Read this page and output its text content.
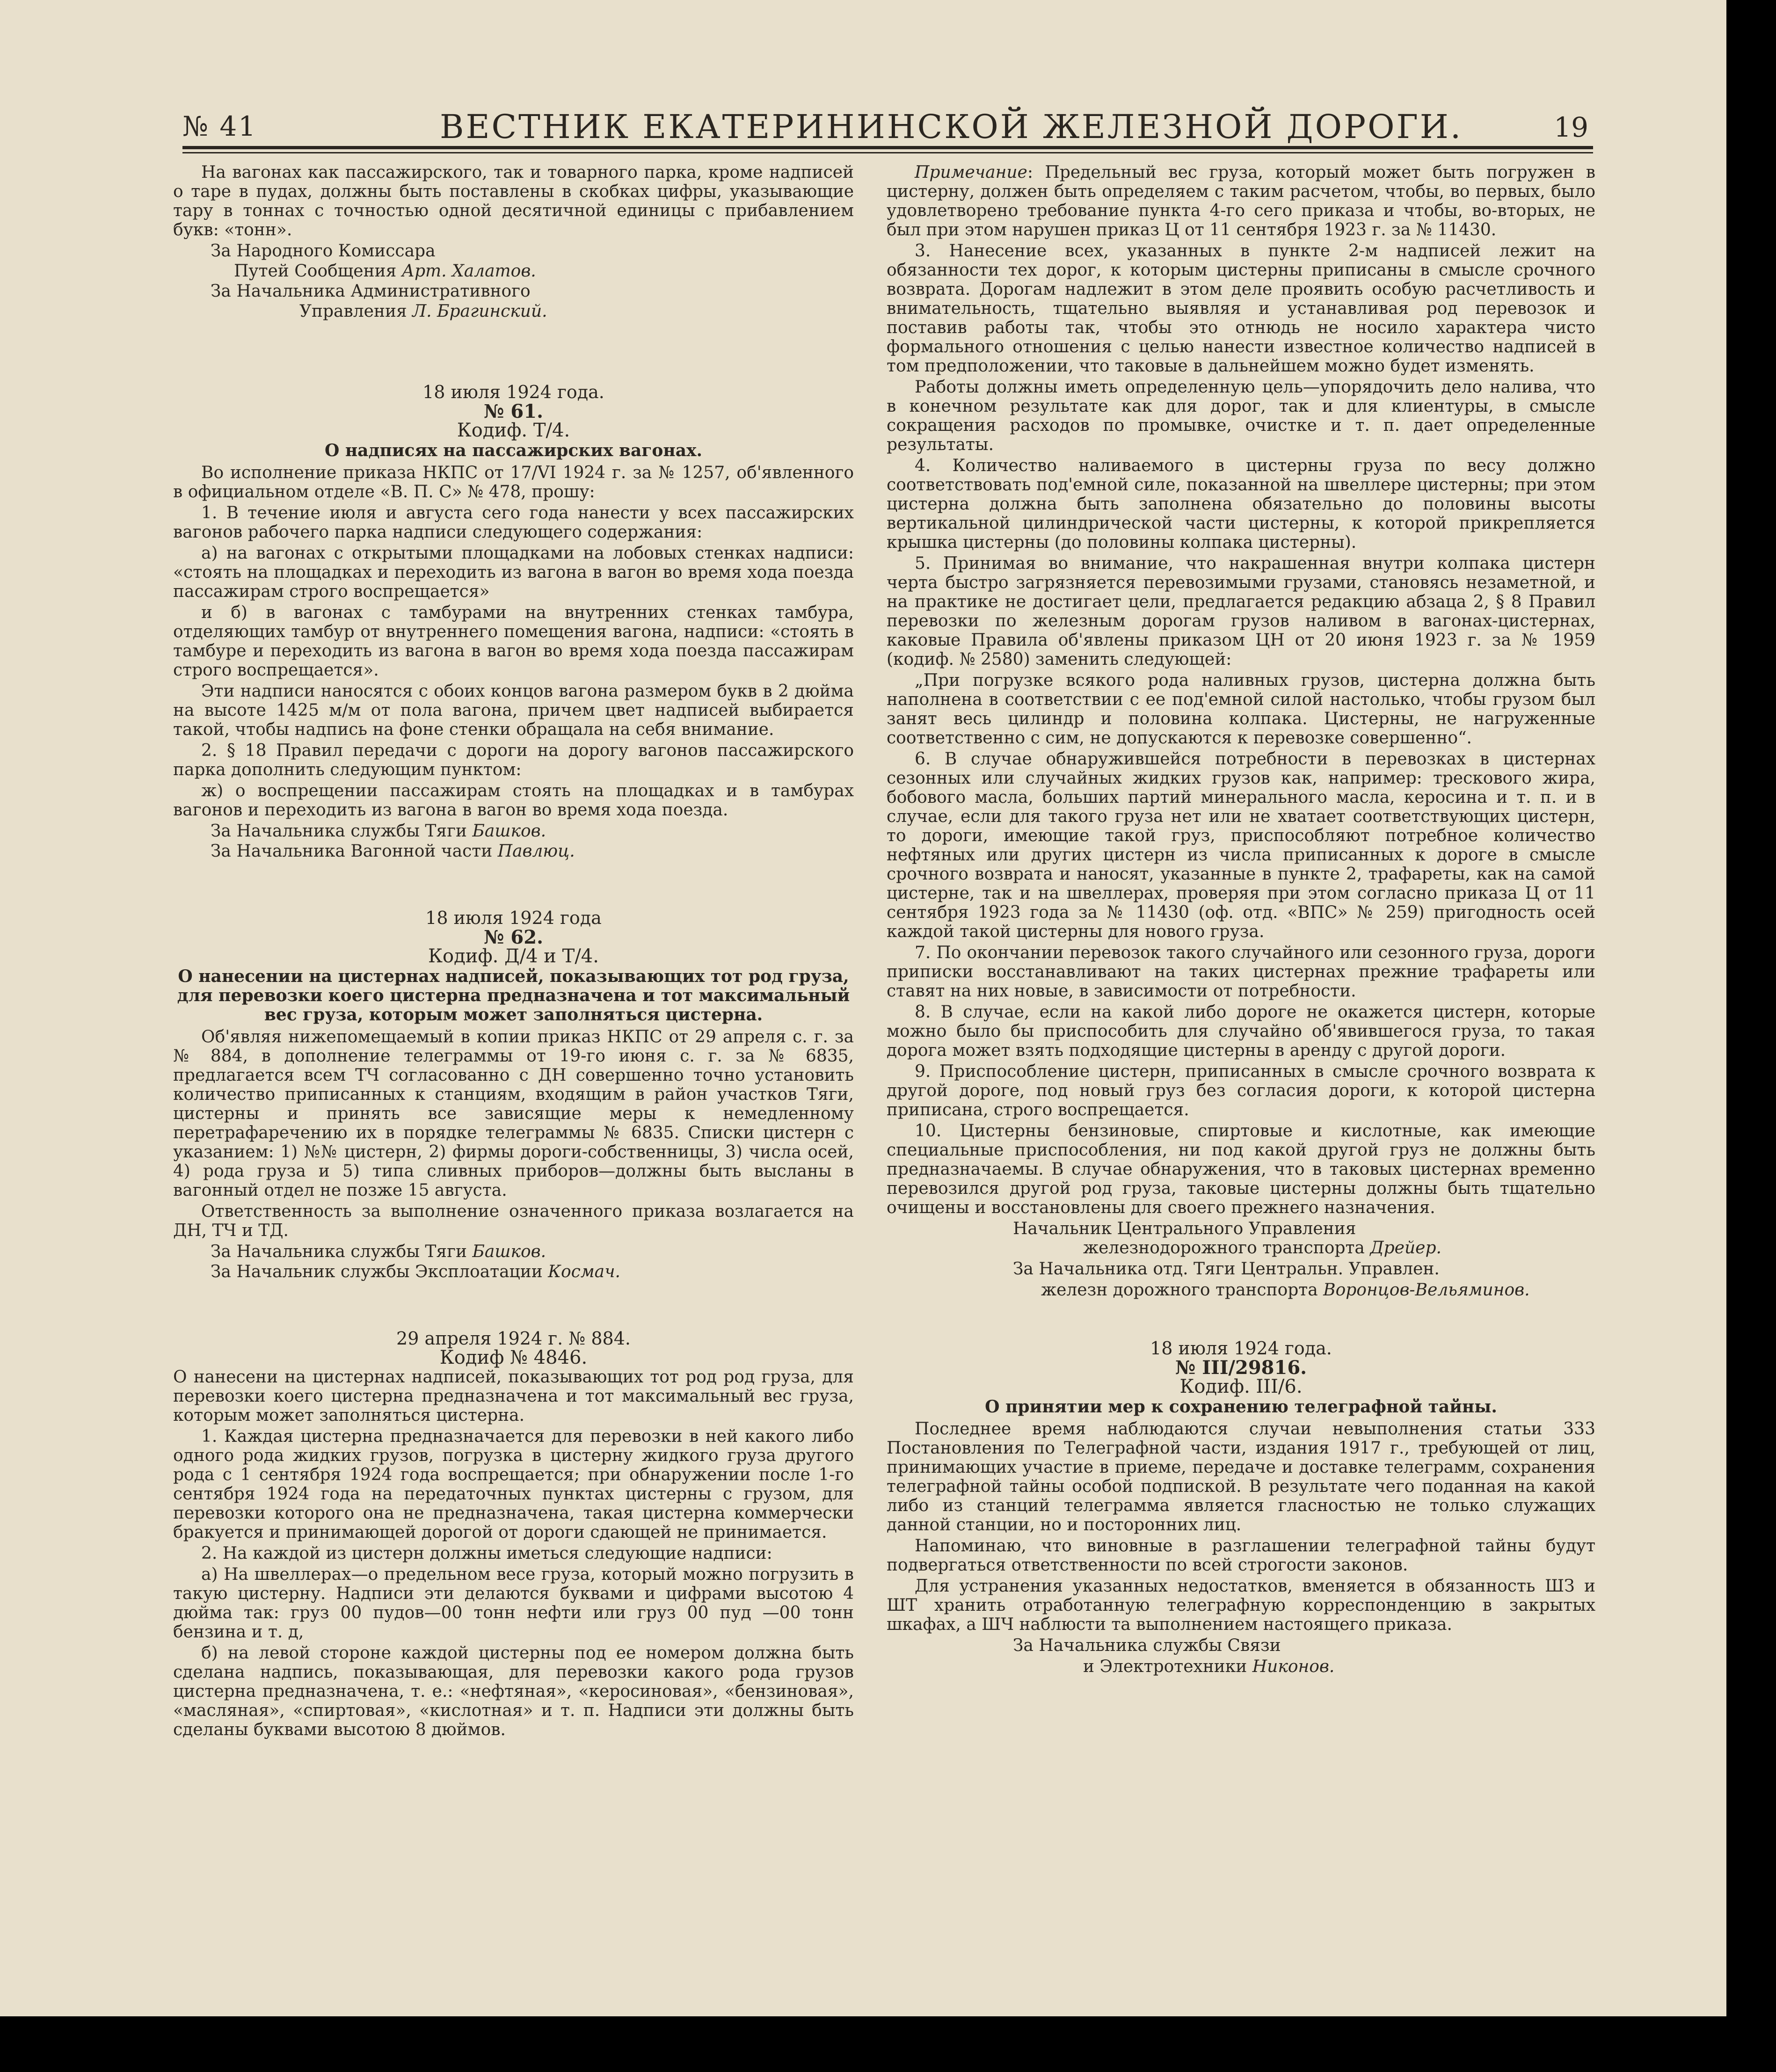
№ 41	ВЕСТНИК ЕКАТЕРИНИНСКОЙ ЖЕЛЕЗНОЙ ДОРОГИ.	19

На вагонах как пассажирского, так и товарного парка, кроме надписей о таре в пудах, должны быть поставлены в скобках цифры, указывающие тару в тоннах с точностью одной десятичной единицы с прибавлением букв: «тонн».

За Народного Комиссара
Путей Сообщения Арт. Халатов.
За Начальника Административного
Управления Л. Брагинский.
18 июля 1924 года.
№ 61.
Кодиф. Т/4.
О надписях на пассажирских вагонах.

Во исполнение приказа НКПС от 17/VI 1924 г. за № 1257, об'явленного в официальном отделе «В. П. С» № 478, прошу:

1. В течение июля и августа сего года нанести у всех пассажирских вагонов рабочего парка надписи следующего содержания:

а) на вагонах с открытыми площадками на лобовых стенках надписи: «стоять на площадках и переходить из вагона в вагон во время хода поезда пассажирам строго воспрещается»

и б) в вагонах с тамбурами на внутренних стенках тамбура, отделяющих тамбур от внутреннего помещения вагона, надписи: «стоять в тамбуре и переходить из вагона в вагон во время хода поезда пассажирам строго воспрещается».

Эти надписи наносятся с обоих концов вагона размером букв в 2 дюйма на высоте 1425 м/м от пола вагона, причем цвет надписей выбирается такой, чтобы надпись на фоне стенки обращала на себя внимание.

2. § 18 Правил передачи с дороги на дорогу вагонов пассажирского парка дополнить следующим пунктом:

ж) о воспрещении пассажирам стоять на площадках и в тамбурах вагонов и переходить из вагона в вагон во время хода поезда.

За Начальника службы Тяги Башков.
За Начальника Вагонной части Павлюц.
18 июля 1924 года
№ 62.
Кодиф. Д/4 и Т/4.
О нанесении на цистернах надписей, показывающих тот род груза, для перевозки коего цистерна предназначена и тот максимальный вес груза, которым может заполняться цистерна.

Об'являя нижепомещаемый в копии приказ НКПС от 29 апреля с. г. за № 884, в дополнение телеграммы от 19-го июня с. г. за № 6835, предлагается всем ТЧ согласованно с ДН совершенно точно установить количество приписанных к станциям, входящим в район участков Тяги, цистерны и принять все зависящие меры к немедленному перетрафаречению их в порядке телеграммы № 6835. Списки цистерн с указанием: 1) №№ цистерн, 2) фирмы дороги-собственницы, 3) числа осей, 4) рода груза и 5) типа сливных приборов—должны быть высланы в вагонный отдел не позже 15 августа.

Ответственность за выполнение означенного приказа возлагается на ДН, ТЧ и ТД.

За Начальника службы Тяги Башков.
За Начальник службы Эксплоатации Космач.
29 апреля 1924 г. № 884.
Кодиф № 4846.

О нанесени на цистернах надписей, показывающих тот род род груза, для перевозки коего цистерна предназначена и тот максимальный вес груза, которым может заполняться цистерна.

1. Каждая цистерна предназначается для перевозки в ней какого либо одного рода жидких грузов, погрузка в цистерну жидкого груза другого рода с 1 сентября 1924 года воспрещается; при обнаружении после 1-го сентября 1924 года на передаточных пунктах цистерны с грузом, для перевозки которого она не предназначена, такая цистерна коммерчески бракуется и принимающей дорогой от дороги сдающей не принимается.

2. На каждой из цистерн должны иметься следующие надписи:

а) На швеллерах—о предельном весе груза, который можно погрузить в такую цистерну. Надписи эти делаются буквами и цифрами высотою 4 дюйма так: груз 00 пудов—00 тонн нефти или груз 00 пуд —00 тонн бензина и т. д,

б) на левой стороне каждой цистерны под ее номером должна быть сделана надпись, показывающая, для перевозки какого рода грузов цистерна предназначена, т. е.: «нефтяная», «керосиновая», «бензиновая», «масляная», «спиртовая», «кислотная» и т. п. Надписи эти должны быть сделаны буквами высотою 8 дюймов.

Примечание: Предельный вес груза, который может быть погружен в цистерну, должен быть определяем с таким расчетом, чтобы, во первых, было удовлетворено требование пункта 4-го сего приказа и чтобы, во-вторых, не был при этом нарушен приказ Ц от 11 сентября 1923 г. за № 11430.

3. Нанесение всех, указанных в пункте 2-м надписей лежит на обязанности тех дорог, к которым цистерны приписаны в смысле срочного возврата. Дорогам надлежит в этом деле проявить особую расчетливость и внимательность, тщательно выявляя и устанавливая род перевозок и поставив работы так, чтобы это отнюдь не носило характера чисто формального отношения с целью нанести известное количество надписей в том предположении, что таковые в дальнейшем можно будет изменять.

Работы должны иметь определенную цель—упорядочить дело налива, что в конечном результате как для дорог, так и для клиентуры, в смысле сокращения расходов по промывке, очистке и т. п. дает определенные результаты.

4. Количество наливаемого в цистерны груза по весу должно соответствовать под'емной силе, показанной на швеллере цистерны; при этом цистерна должна быть заполнена обязательно до половины высоты вертикальной цилиндрической части цистерны, к которой прикрепляется крышка цистерны (до половины колпака цистерны).

5. Принимая во внимание, что накрашенная внутри колпака цистерн черта быстро загрязняется перевозимыми грузами, становясь незаметной, и на практике не достигает цели, предлагается редакцию абзаца 2, § 8 Правил перевозки по железным дорогам грузов наливом в вагонах-цистернах, каковые Правила об'явлены приказом ЦН от 20 июня 1923 г. за № 1959 (кодиф. № 2580) заменить следующей:

„При погрузке всякого рода наливных грузов, цистерна должна быть наполнена в соответствии с ее под'емной силой настолько, чтобы грузом был занят весь цилиндр и половина колпака. Цистерны, не нагруженные соответственно с сим, не допускаются к перевозке совершенно“.

6. В случае обнаружившейся потребности в перевозках в цистернах сезонных или случайных жидких грузов как, например: трескового жира, бобового масла, больших партий минерального масла, керосина и т. п. и в случае, если для такого груза нет или не хватает соответствующих цистерн, то дороги, имеющие такой груз, приспособляют потребное количество нефтяных или других цистерн из числа приписанных к дороге в смысле срочного возврата и наносят, указанные в пункте 2, трафареты, как на самой цистерне, так и на швеллерах, проверяя при этом согласно приказа Ц от 11 сентября 1923 года за № 11430 (оф. отд. «ВПС» № 259) пригодность осей каждой такой цистерны для нового груза.

7. По окончании перевозок такого случайного или сезонного груза, дороги приписки восстанавливают на таких цистернах прежние трафареты или ставят на них новые, в зависимости от потребности.

8. В случае, если на какой либо дороге не окажется цистерн, которые можно было бы приспособить для случайно об'явившегося груза, то такая дорога может взять подходящие цистерны в аренду с другой дороги.

9. Приспособление цистерн, приписанных в смысле срочного возврата к другой дороге, под новый груз без согласия дороги, к которой цистерна приписана, строго воспрещается.

10. Цистерны бензиновые, спиртовые и кислотные, как имеющие специальные приспособления, ни под какой другой груз не должны быть предназначаемы. В случае обнаружения, что в таковых цистернах временно перевозился другой род груза, таковые цистерны должны быть тщательно очищены и восстановлены для своего прежнего назначения.

Начальник Центрального Управления
железнодорожного транспорта Дрейер.
За Начальника отд. Тяги Центральн. Управлен.
железн дорожного транспорта Воронцов-Вельяминов.
18 июля 1924 года.
№ III/29816.
Кодиф. III/6.
О принятии мер к сохранению телеграфной тайны.

Последнее время наблюдаются случаи невыполнения статьи 333 Постановления по Телеграфной части, издания 1917 г., требующей от лиц, принимающих участие в приеме, передаче и доставке телеграмм, сохранения телеграфной тайны особой подпиской. В результате чего поданная на какой либо из станций телеграмма является гласностью не только служащих данной станции, но и посторонних лиц.

Напоминаю, что виновные в разглашении телеграфной тайны будут подвергаться ответственности по всей строгости законов.

Для устранения указанных недостатков, вменяется в обязанность ШЗ и ШТ хранить отработанную телеграфную корреспонденцию в закрытых шкафах, а ШЧ наблюсти та выполнением настоящего приказа.

За Начальника службы Связи
и Электротехники Никонов.
